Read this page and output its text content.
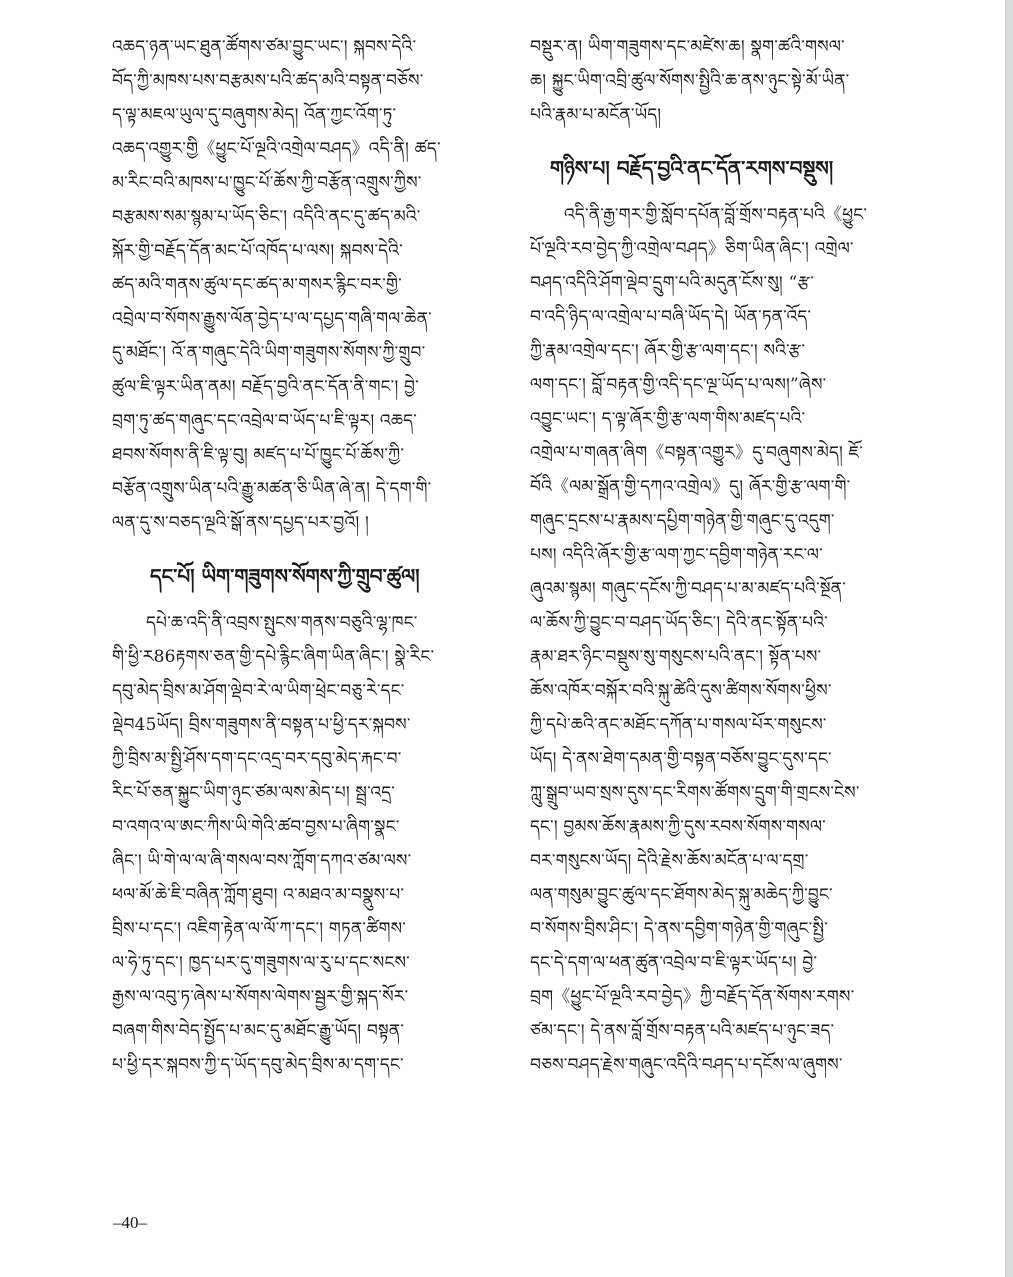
འཆད་ཉན་ཡང་ཐུན་ཚོགས་ཙམ་བྱུང་ཡང་། སྐབས་དེའི་
བོད་ཀྱི་མཁས་པས་བརྩམས་པའི་ཚད་མའི་བསྟན་བཅོས་
ད་ལྟ་མཇལ་ཡུལ་དུ་བཞུགས་མེད། འོན་ཀྱང་འོག་ཏུ་
འཆད་འགྱུར་གྱི《ཕྱུང་པོ་ལྔའི་འགྲེལ་བཤད》འདི་ནི། ཚད་
མ་རིང་བའི་མཁས་པ་ཁྱུང་པོ་ཆོས་ཀྱི་བརྩོན་འགྲུས་ཀྱིས་
བརྩམས་སམ་སྙམ་པ་ཡོད་ཅིང་། འདིའི་ནང་དུ་ཚད་མའི་
སྐོར་གྱི་བརྗོད་དོན་མང་པོ་འཁོད་པ་ལས། སྐབས་དེའི་
ཚད་མའི་གནས་ཚུལ་དང་ཚད་མ་གསར་རྙིང་བར་གྱི་
འབྲེལ་བ་སོགས་རྒྱུས་ལོན་བྱེད་པ་ལ་དཔྱད་གཞི་གལ་ཆེན་
དུ་མཐོང་། འོ་ན་གཞུང་དེའི་ཡིག་གཟུགས་སོགས་ཀྱི་གྲུབ་
ཚུལ་ཇི་ལྟར་ཡིན་ནམ། བརྗོད་བྱའི་ནང་དོན་ནི་གང་། བྱེ་
བྲག་ཏུ་ཚད་གཞུང་དང་འབྲེལ་བ་ཡོད་པ་ཇི་ལྟར། འཆད་
ཐབས་སོགས་ནི་ཇི་ལྟ་བུ། མཛད་པ་པོ་ཁྱུང་པོ་ཆོས་ཀྱི་
བརྩོན་འགྲུས་ཡིན་པའི་རྒྱུ་མཚན་ཅི་ཡིན་ཞེ་ན། དེ་དག་གི་
ལན་དུ་ས་བཅད་ལྔའི་སྒོ་ནས་དཔྱད་པར་བྱའོ། །
དང་པོ། ཡིག་གཟུགས་སོགས་ཀྱི་གྲུབ་ཚུལ།
དཔེ་ཆ་འདི་ནི་འབྲས་སྤུངས་གནས་བཅུའི་ལྷ་ཁང་
གི་ཕྱི་ར86རྟགས་ཅན་གྱི་དཔེ་རྙིང་ཞིག་ཡིན་ཞིང་། སྣེ་རིང་
དབུ་མེད་བྲིས་མ་ཤོག་ལྡེབ་རེ་ལ་ཡིག་ཕྲེང་བཅུ་རེ་དང་
ལྡེབ45ཡོད། བྲིས་གཟུགས་ནི་བསྟན་པ་ཕྱི་དར་སྐབས་
ཀྱི་བྲིས་མ་སྤྱི་ཤོས་དག་དང་འདྲ་བར་དབུ་མེད་རྐང་བ་
རིང་པོ་ཅན་སྐྱུང་ཡིག་ཉུང་ཙམ་ལས་མེད་པ། སྦྲ་འདྲ་
བ་འགའ་ལ་ཨང་ཀིས་ཡི་གེའི་ཚབ་བྱས་པ་ཞིག་སྣང་
ཞིང་། ཡི་གེ་ལ་ལ་ཞི་གསལ་བས་ཀློག་དཀའ་ཙམ་ལས་
ཕལ་མོ་ཆེ་ཇི་བཞིན་ཀློག་ཐུབ། འ་མཐའ་མ་བསྣུས་པ་
བྲིས་པ་དང་། འཇིག་རྟེན་ལ་ལོ་ཀ་དང་། གཏན་ཚིགས་
ལ་ཧེ་ཏུ་དང་། ཁྱད་པར་དུ་གཟུགས་ལ་རུ་པ་དང་སངས་
རྒྱས་ལ་འབུ་ཏ་ཞེས་པ་སོགས་ལེགས་སྦྱར་གྱི་སྐད་སོར་
བཞག་གིས་བེད་སྤྱོད་པ་མང་དུ་མཐོང་རྒྱུ་ཡོད། བསྟན་
པ་ཕྱི་དར་སྐབས་ཀྱི་ད་ཡོད་དབུ་མེད་བྲིས་མ་དག་དང་
བསྡུར་ན། ཡིག་གཟུགས་དང་མཛེས་ཆ། སྣག་ཚའི་གསལ་
ཆ། སྐྱུང་ཡིག་འབྲི་ཚུལ་སོགས་སྤྱིའི་ཆ་ནས་ཉུང་སྟེ་མོ་ཡིན་
པའི་རྣམ་པ་མངོན་ཡོད།
གཉིས་པ། བརྗོད་བྱའི་ནང་དོན་རགས་བསྡུས།
འདི་ནི་རྒྱ་གར་གྱི་སློབ་དཔོན་བློ་གྲོས་བརྟན་པའི《ཕྱུང་
པོ་ལྔའི་རབ་བྱེད་ཀྱི་འགྲེལ་བཤད》ཅིག་ཡིན་ཞིང་། འགྲེལ་
བཤད་འདིའི་ཤོག་ལྡེབ་དྲུག་པའི་མདུན་ངོས་སུ། “རྩ་
བ་འདི་ཉིད་ལ་འགྲེལ་པ་བཞི་ཡོད་དེ། ཡོན་ཏན་འོད་
ཀྱི་རྣམ་འགྲེལ་དང་། ཞོར་གྱི་རྩ་ལག་དང་། སའི་རྩ་
ལག་དང་། བློ་བརྟན་གྱི་འདི་དང་ལྔ་ཡོད་པ་ལས།”ཞེས་
འབྱུང་ཡང་། ད་ལྟ་ཞོར་གྱི་རྩ་ལག་གིས་མཛད་པའི་
འགྲེལ་པ་གཞན་ཞིག《བསྟན་འགྱུར》དུ་བཞུགས་མེད། ཇོ་
བོའི《ལམ་སྒྲོན་གྱི་དཀའ་འགྲེལ》དུ། ཞོར་གྱི་རྩ་ལག་གི་
གཞུང་དྲངས་པ་རྣམས་དཔྱིག་གཉེན་གྱི་གཞུང་དུ་འདུག་
པས། འདིའི་ཞོར་གྱི་རྩ་ལག་ཀྱང་དབྱིག་གཉེན་རང་ལ་
ཞུའམ་སྙམ། གཞུང་དངོས་ཀྱི་བཤད་པ་མ་མཛད་པའི་སྔོན་
ལ་ཆོས་ཀྱི་བྱུང་བ་བཤད་ཡོད་ཅིང་། དེའི་ནང་སྟོན་པའི་
རྣམ་ཐར་ཉིང་བསྡུས་སུ་གསུངས་པའི་ནང་། སྟོན་པས་
ཆོས་འཁོར་བསྐོར་བའི་སྐུ་ཚེའི་དུས་ཚིགས་སོགས་ཕྱིས་
ཀྱི་དཔེ་ཆའི་ནང་མཐོང་དཀོན་པ་གསལ་པོར་གསུངས་
ཡོད། དེ་ནས་ཐེག་དམན་གྱི་བསྟན་བཅོས་བྱུང་དུས་དང་
ཀླུ་སྒྲུབ་ཡབ་སྲས་དུས་དང་རིགས་ཚོགས་དྲུག་གི་གྲངས་ངེས་
དང་། བྱམས་ཆོས་རྣམས་ཀྱི་དུས་རབས་སོགས་གསལ་
བར་གསུངས་ཡོད། དེའི་རྗེས་ཆོས་མངོན་པ་ལ་དགྲ་
ལན་གསུམ་བྱུང་ཚུལ་དང་ཐོགས་མེད་སྐུ་མཆེད་ཀྱི་བྱུང་
བ་སོགས་བྲིས་ཤིང་། དེ་ནས་དབྱིག་གཉེན་གྱི་གཞུང་སྤྱི་
དང་དེ་དག་ལ་ཕན་ཚུན་འབྲེལ་བ་ཇི་ལྟར་ཡོད་པ། བྱེ་
བྲག《ཕྱུང་པོ་ལྔའི་རབ་བྱེད》ཀྱི་བརྗོད་དོན་སོགས་རགས་
ཙམ་དང་། དེ་ནས་བློ་གྲོས་བརྟན་པའི་མཛད་པ་ཉུང་ཟད་
བཅས་བཤད་རྗེས་གཞུང་འདིའི་བཤད་པ་དངོས་ལ་ཞུགས་
–40–
